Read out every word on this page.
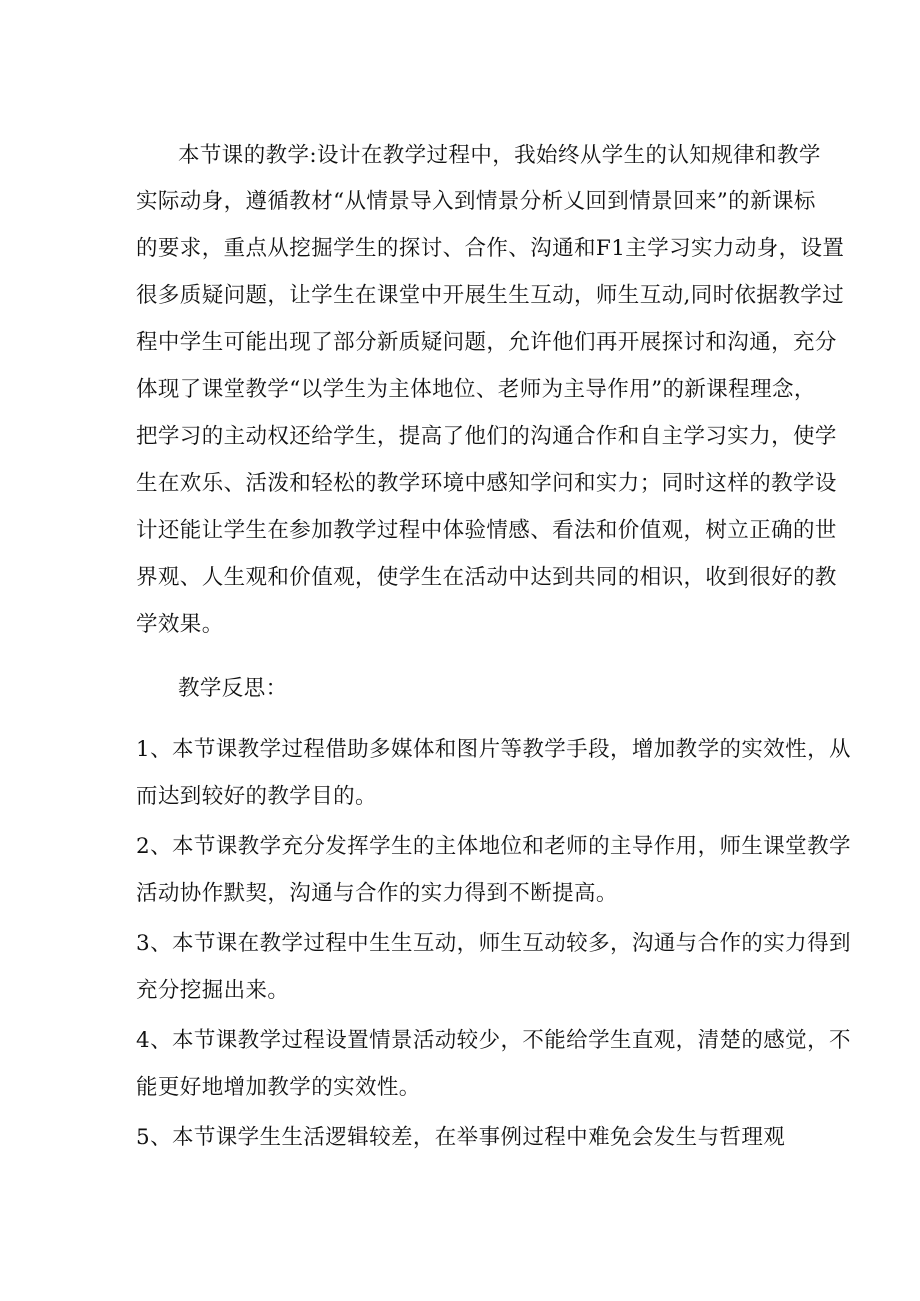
本节课的教学:设计在教学过程中，我始终从学生的认知规律和教学
实际动身，遵循教材“从情景导入到情景分析乂回到情景回来”的新课标
的要求，重点从挖掘学生的探讨、合作、沟通和F1主学习实力动身，设置
很多质疑问题，让学生在课堂中开展生生互动，师生互动,同时依据教学过
程中学生可能出现了部分新质疑问题，允许他们再开展探讨和沟通，充分
体现了课堂教学“以学生为主体地位、老师为主导作用”的新课程理念，
把学习的主动权还给学生，提高了他们的沟通合作和自主学习实力，使学
生在欢乐、活泼和轻松的教学环境中感知学问和实力；同时这样的教学设
计还能让学生在参加教学过程中体验情感、看法和价值观，树立正确的世
界观、人生观和价值观，使学生在活动中达到共同的相识，收到很好的教
学效果。
教学反思：
1、本节课教学过程借助多媒体和图片等教学手段，增加教学的实效性，从
而达到较好的教学目的。
2、本节课教学充分发挥学生的主体地位和老师的主导作用，师生课堂教学
活动协作默契，沟通与合作的实力得到不断提高。
3、本节课在教学过程中生生互动，师生互动较多，沟通与合作的实力得到
充分挖掘出来。
4、本节课教学过程设置情景活动较少，不能给学生直观，清楚的感觉，不
能更好地增加教学的实效性。
5、本节课学生生活逻辑较差，在举事例过程中难免会发生与哲理观
